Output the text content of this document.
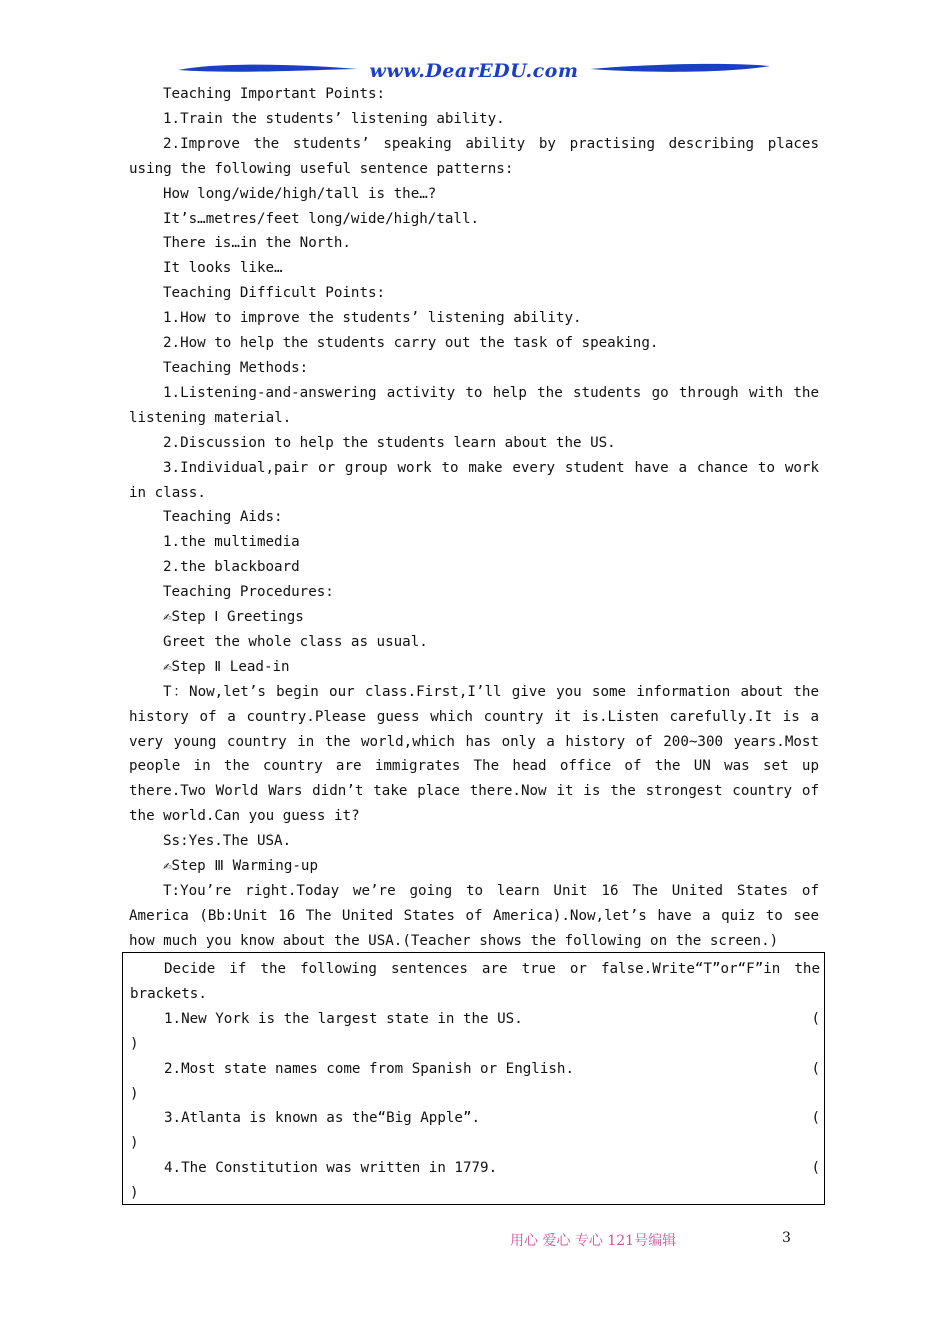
www.DearEDU.com

Teaching Important Points:

1.Train the students’ listening ability.

2.Improve the students’ speaking ability by practising describing places using the following useful sentence patterns:

How long/wide/high/tall is the…?

It’s…metres/feet long/wide/high/tall.

There is…in the North.

It looks like…

Teaching Difficult Points:

1.How to improve the students’ listening ability.

2.How to help the students carry out the task of speaking.

Teaching Methods:

1.Listening-and-answering activity to help the students go through with the listening material.

2.Discussion to help the students learn about the US.

3.Individual,pair or group work to make every student have a chance to work in class.

Teaching Aids:

1.the multimedia

2.the blackboard

Teaching Procedures:

✍Step Ⅰ Greetings

Greet the whole class as usual.

✍Step Ⅱ Lead-in

T：Now,let’s begin our class.First,I’ll give you some information about the history of a country.Please guess which country it is.Listen carefully.It is a very young country in the world,which has only a history of 200~300 years.Most people in the country are immigrates The head office of the UN was set up there.Two World Wars didn’t take place there.Now it is the strongest country of the world.Can you guess it?

Ss:Yes.The USA.

✍Step Ⅲ Warming-up

T:You’re right.Today we’re going to learn Unit 16 The United States of America (Bb:Unit 16 The United States of America).Now,let’s have a quiz to see how much you know about the USA.(Teacher shows the following on the screen.)

Decide if the following sentences are true or false.Write“T”or“F”in the brackets.
1.New York is the largest state in the US.	(
)
2.Most state names come from Spanish or English.	(
)
3.Atlanta is known as the“Big Apple”.	(
)
4.The Constitution was written in 1779.	(
)
用心 爱心 专心 121号编辑	3
